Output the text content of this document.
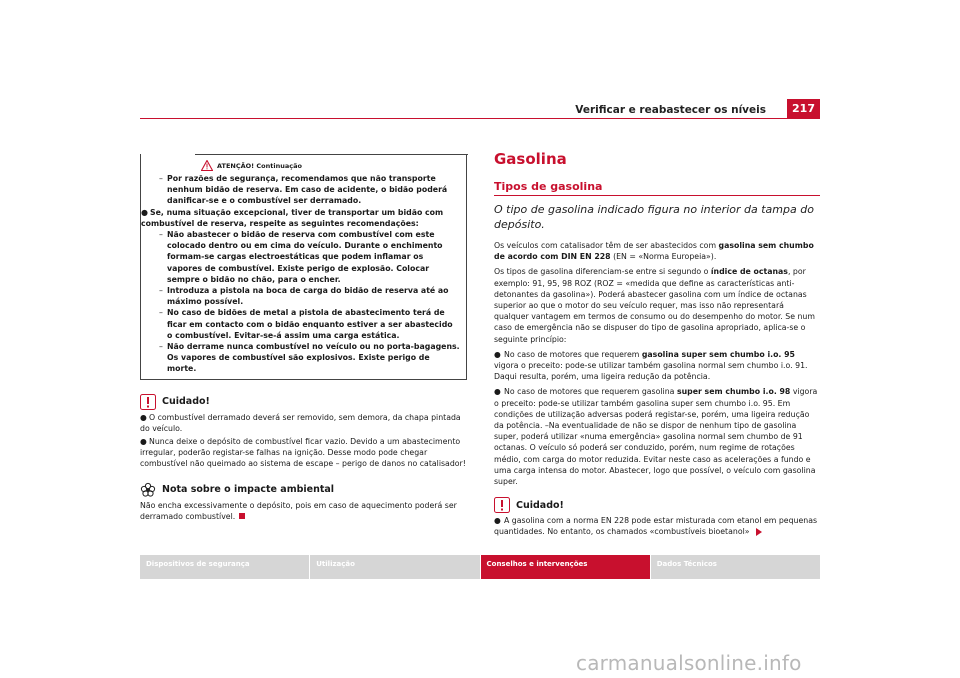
Verificar e reabastecer os níveis	217
ATENÇÃO! Continuação

– Por razões de segurança, recomendamos que não transporte nenhum bidão de reserva. Em caso de acidente, o bidão poderá danificar-se e o combustível ser derramado.

● Se, numa situação excepcional, tiver de transportar um bidão com combustível de reserva, respeite as seguintes recomendações:

– Não abastecer o bidão de reserva com combustível com este colocado dentro ou em cima do veículo. Durante o enchimento formam-se cargas electroestáticas que podem inflamar os vapores de combustível. Existe perigo de explosão. Colocar sempre o bidão no chão, para o encher.

– Introduza a pistola na boca de carga do bidão de reserva até ao máximo possível.

– No caso de bidões de metal a pistola de abastecimento terá de ficar em contacto com o bidão enquanto estiver a ser abastecido o combustível. Evitar-se-á assim uma carga estática.

– Não derrame nunca combustível no veículo ou no porta-bagagens. Os vapores de combustível são explosivos. Existe perigo de morte.

Cuidado!

● O combustível derramado deverá ser removido, sem demora, da chapa pintada do veículo.

● Nunca deixe o depósito de combustível ficar vazio. Devido a um abastecimento irregular, poderão registar-se falhas na ignição. Desse modo pode chegar combustível não queimado ao sistema de escape – perigo de danos no catalisador!

Nota sobre o impacte ambiental

Não encha excessivamente o depósito, pois em caso de aquecimento poderá ser derramado combustível.

Gasolina
Tipos de gasolina

O tipo de gasolina indicado figura no interior da tampa do depósito.

Os veículos com catalisador têm de ser abastecidos com gasolina sem chumbo de acordo com DIN EN 228 (EN = «Norma Europeia»).

Os tipos de gasolina diferenciam-se entre si segundo o índice de octanas, por exemplo: 91, 95, 98 ROZ (ROZ = «medida que define as características anti-detonantes da gasolina»). Poderá abastecer gasolina com um índice de octanas superior ao que o motor do seu veículo requer, mas isso não representará qualquer vantagem em termos de consumo ou do desempenho do motor. Se num caso de emergência não se dispuser do tipo de gasolina apropriado, aplica-se o seguinte princípio:

● No caso de motores que requerem gasolina super sem chumbo i.o. 95 vigora o preceito: pode-se utilizar também gasolina normal sem chumbo i.o. 91. Daqui resulta, porém, uma ligeira redução da potência.

● No caso de motores que requerem gasolina super sem chumbo i.o. 98 vigora o preceito: pode-se utilizar também gasolina super sem chumbo i.o. 95. Em condições de utilização adversas poderá registar-se, porém, uma ligeira redução da potência. –Na eventualidade de não se dispor de nenhum tipo de gasolina super, poderá utilizar «numa emergência» gasolina normal sem chumbo de 91 octanas. O veículo só poderá ser conduzido, porém, num regime de rotações médio, com carga do motor reduzida. Evitar neste caso as acelerações a fundo e uma carga intensa do motor. Abastecer, logo que possível, o veículo com gasolina super.

Cuidado!

● A gasolina com a norma EN 228 pode estar misturada com etanol em pequenas quantidades. No entanto, os chamados «combustíveis bioetanol»

Dispositivos de segurança	Utilização	Conselhos e intervenções	Dados Técnicos
carmanualsonline.info
